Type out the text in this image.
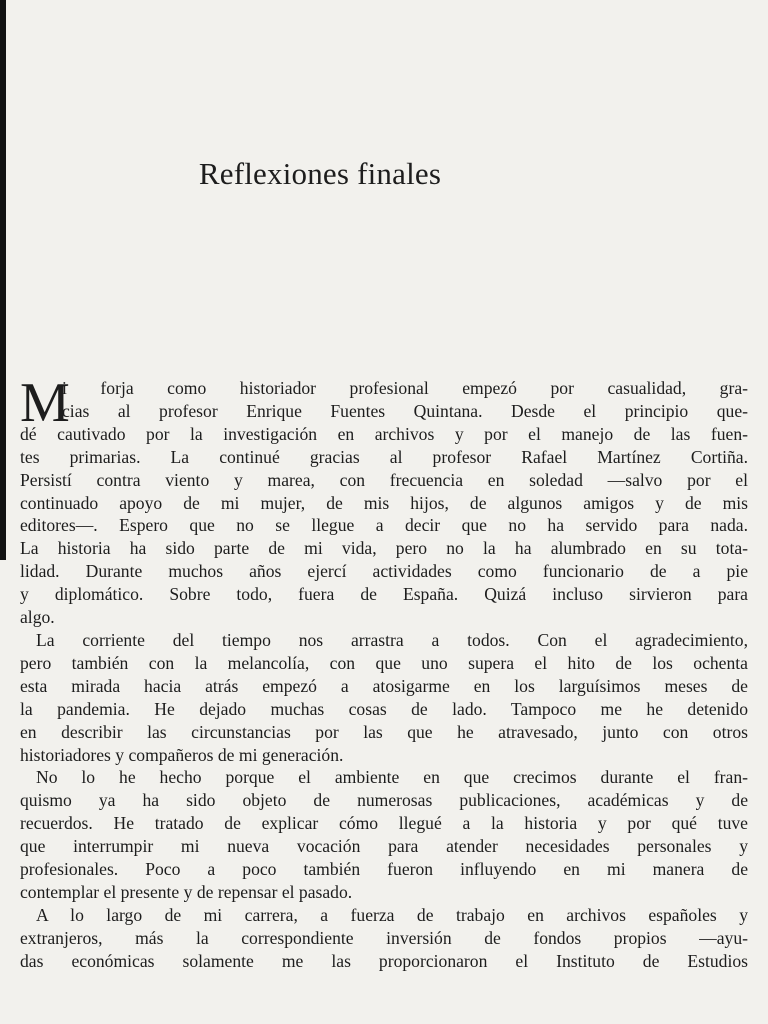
Reflexiones finales
M
i forja como historiador profesional empezó por casualidad, gra-
cias al profesor Enrique Fuentes Quintana. Desde el principio que-
dé cautivado por la investigación en archivos y por el manejo de las fuen-
tes primarias. La continué gracias al profesor Rafael Martínez Cortiña.
Persistí contra viento y marea, con frecuencia en soledad —salvo por el
continuado apoyo de mi mujer, de mis hijos, de algunos amigos y de mis
editores—. Espero que no se llegue a decir que no ha servido para nada.
La historia ha sido parte de mi vida, pero no la ha alumbrado en su tota-
lidad. Durante muchos años ejercí actividades como funcionario de a pie
y diplomático. Sobre todo, fuera de España. Quizá incluso sirvieron para
algo.
La corriente del tiempo nos arrastra a todos. Con el agradecimiento,
pero también con la melancolía, con que uno supera el hito de los ochenta
esta mirada hacia atrás empezó a atosigarme en los larguísimos meses de
la pandemia. He dejado muchas cosas de lado. Tampoco me he detenido
en describir las circunstancias por las que he atravesado, junto con otros
historiadores y compañeros de mi generación.
No lo he hecho porque el ambiente en que crecimos durante el fran-
quismo ya ha sido objeto de numerosas publicaciones, académicas y de
recuerdos. He tratado de explicar cómo llegué a la historia y por qué tuve
que interrumpir mi nueva vocación para atender necesidades personales y
profesionales. Poco a poco también fueron influyendo en mi manera de
contemplar el presente y de repensar el pasado.
A lo largo de mi carrera, a fuerza de trabajo en archivos españoles y
extranjeros, más la correspondiente inversión de fondos propios —ayu-
das económicas solamente me las proporcionaron el Instituto de Estudios
